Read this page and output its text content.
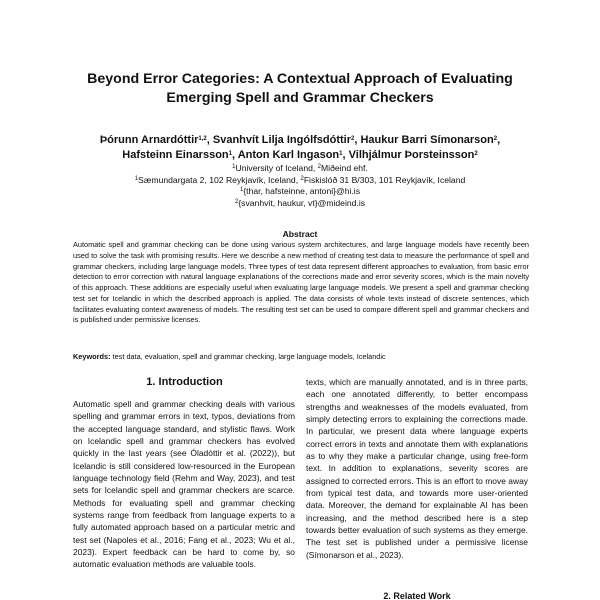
Beyond Error Categories: A Contextual Approach of Evaluating
Emerging Spell and Grammar Checkers
Þórunn Arnardóttir$^{1,2}$, Svanhvít Lilja Ingólfsdóttir$^2$, Haukur Barri Símonarson$^2$,
Hafsteinn Einarsson$^1$, Anton Karl Ingason$^1$, Vilhjálmur Þorsteinsson$^2$
$^1$University of Iceland, $^2$Miðeind ehf.
$^1$Sæmundargata 2, 102 Reykjavík, Iceland, $^2$Fiskislóð 31 B/303, 101 Reykjavík, Iceland
$^1${thar, hafsteinne, antoni}@hi.is
$^2${svanhvit, haukur, vt}@mideind.is
Abstract
Automatic spell and grammar checking can be done using various system architectures, and large language models have recently been used to solve the task with promising results. Here we describe a new method of creating test data to measure the performance of spell and grammar checkers, including large language models. Three types of test data represent different approaches to evaluation, from basic error detection to error correction with natural language explanations of the corrections made and error severity scores, which is the main novelty of this approach. These additions are especially useful when evaluating large language models. We present a spell and grammar checking test set for Icelandic in which the described approach is applied. The data consists of whole texts instead of discrete sentences, which facilitates evaluating context awareness of models. The resulting test set can be used to compare different spell and grammar checkers and is published under permissive licenses.
Keywords: test data, evaluation, spell and grammar checking, large language models, Icelandic
1. Introduction
Automatic spell and grammar checking deals with various spelling and grammar errors in text, typos, deviations from the accepted language standard, and stylistic flaws. Work on Icelandic spell and grammar checkers has evolved quickly in the last years (see Óladóttir et al. (2022)), but Icelandic is still considered low-resourced in the European language technology field (Rehm and Way, 2023), and test sets for Icelandic spell and grammar checkers are scarce. Methods for evaluating spell and grammar checking systems range from feedback from language experts to a fully automated approach based on a particular metric and test set (Napoles et al., 2016; Fang et al., 2023; Wu et al., 2023). Expert feedback can be hard to come by, so automatic evaluation methods are valuable tools.
texts, which are manually annotated, and is in three parts, each one annotated differently, to better encompass strengths and weaknesses of the models evaluated, from simply detecting errors to explaining the corrections made. In particular, we present data where language experts correct errors in texts and annotate them with explanations as to why they make a particular change, using free-form text. In addition to explanations, severity scores are assigned to corrected errors. This is an effort to move away from typical test data, and towards more user-oriented data. Moreover, the demand for explainable AI has been increasing, and the method described here is a step towards better evaluation of such systems as they emerge. The test set is published under a permissive license (Símonarson et al., 2023).
2. Related Work
